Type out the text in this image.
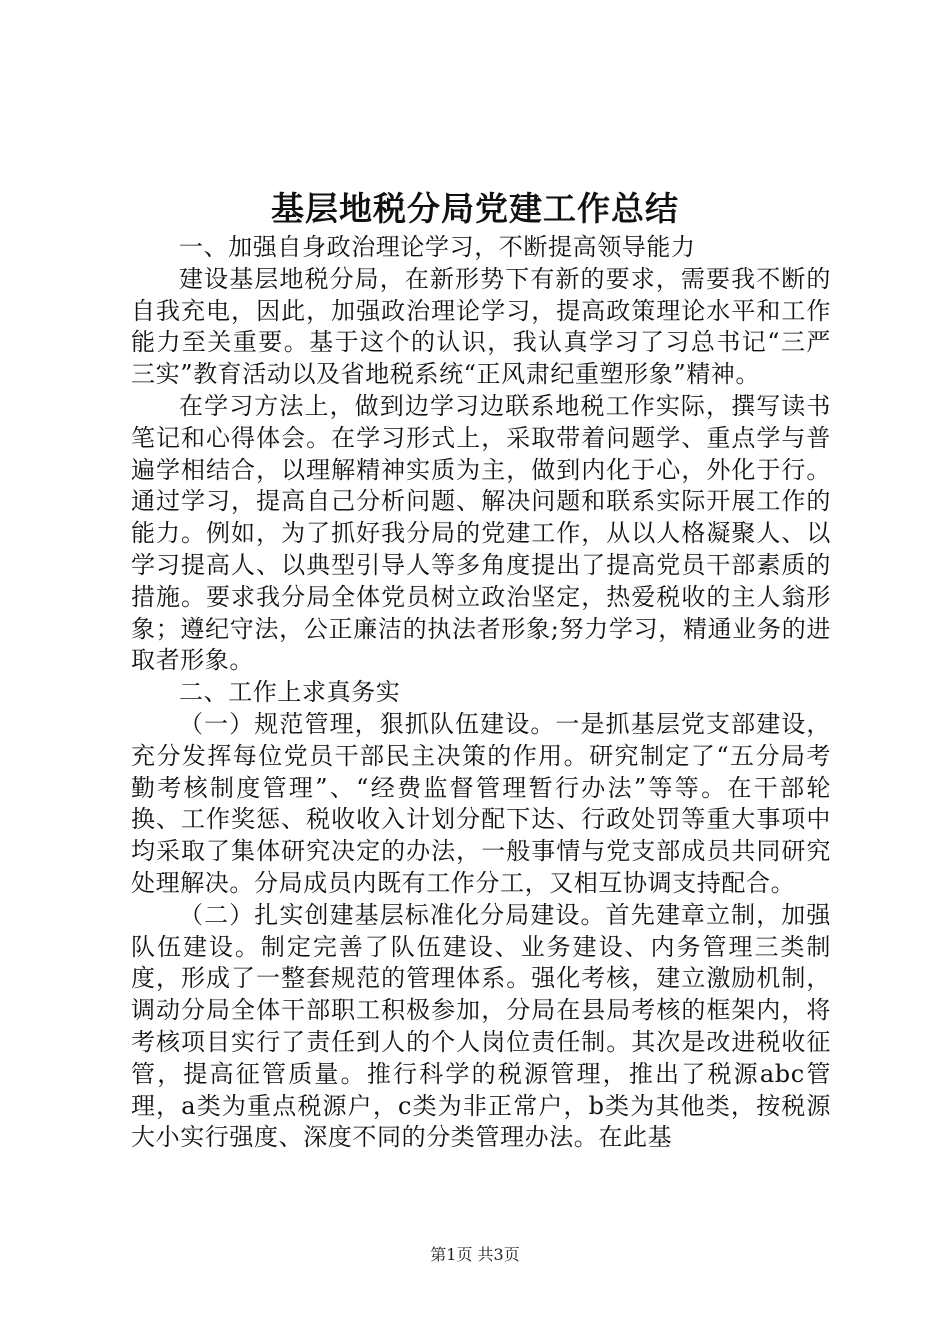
基层地税分局党建工作总结

一、加强自身政治理论学习，不断提高领导能力

建设基层地税分局，在新形势下有新的要求，需要我不断的自我充电，因此，加强政治理论学习，提高政策理论水平和工作能力至关重要。基于这个的认识，我认真学习了习总书记“三严三实”教育活动以及省地税系统“正风肃纪重塑形象”精神。

在学习方法上，做到边学习边联系地税工作实际，撰写读书笔记和心得体会。在学习形式上，采取带着问题学、重点学与普遍学相结合，以理解精神实质为主，做到内化于心，外化于行。通过学习，提高自己分析问题、解决问题和联系实际开展工作的能力。例如，为了抓好我分局的党建工作，从以人格凝聚人、以学习提高人、以典型引导人等多角度提出了提高党员干部素质的措施。要求我分局全体党员树立政治坚定，热爱税收的主人翁形象；遵纪守法，公正廉洁的执法者形象;努力学习，精通业务的进取者形象。

二、工作上求真务实

（一）规范管理，狠抓队伍建设。一是抓基层党支部建设，充分发挥每位党员干部民主决策的作用。研究制定了“五分局考勤考核制度管理”、“经费监督管理暂行办法”等等。在干部轮换、工作奖惩、税收收入计划分配下达、行政处罚等重大事项中均采取了集体研究决定的办法，一般事情与党支部成员共同研究处理解决。分局成员内既有工作分工，又相互协调支持配合。

（二）扎实创建基层标准化分局建设。首先建章立制，加强队伍建设。制定完善了队伍建设、业务建设、内务管理三类制度，形成了一整套规范的管理体系。强化考核，建立激励机制，调动分局全体干部职工积极参加，分局在县局考核的框架内，将考核项目实行了责任到人的个人岗位责任制。其次是改进税收征管，提高征管质量。推行科学的税源管理，推出了税源abc管理，a类为重点税源户，c类为非正常户，b类为其他类，按税源大小实行强度、深度不同的分类管理办法。在此基

第1页 共3页
